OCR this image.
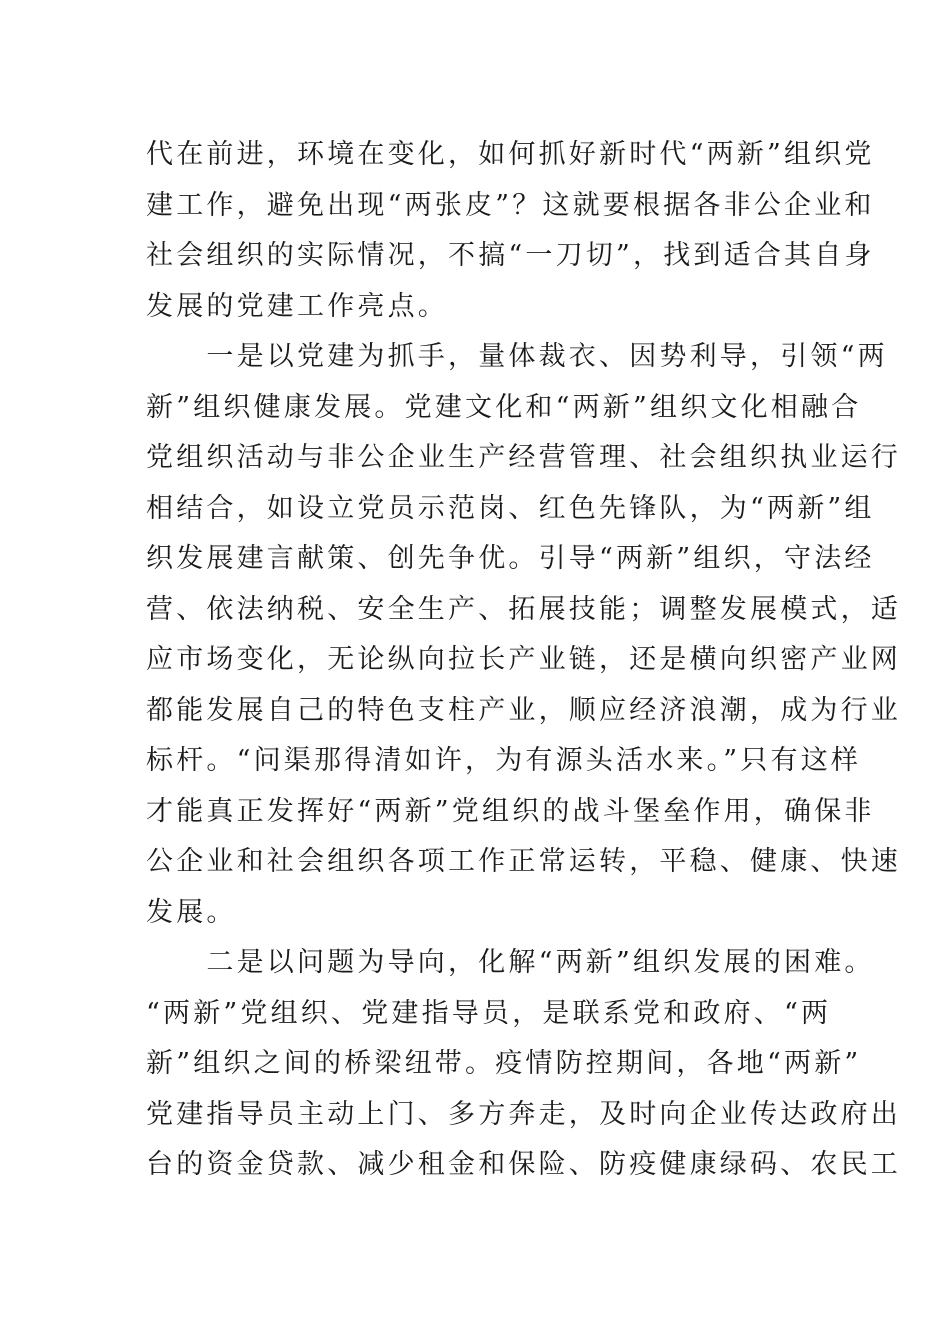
代在前进，环境在变化，如何抓好新时代“两新”组织党
建工作，避免出现“两张皮”？这就要根据各非公企业和
社会组织的实际情况，不搞“一刀切”，找到适合其自身
发展的党建工作亮点。
　　一是以党建为抓手，量体裁衣、因势利导，引领“两
新”组织健康发展。党建文化和“两新”组织文化相融合
党组织活动与非公企业生产经营管理、社会组织执业运行
相结合，如设立党员示范岗、红色先锋队，为“两新”组
织发展建言献策、创先争优。引导“两新”组织，守法经
营、依法纳税、安全生产、拓展技能；调整发展模式，适
应市场变化，无论纵向拉长产业链，还是横向织密产业网
都能发展自己的特色支柱产业，顺应经济浪潮，成为行业
标杆。“问渠那得清如许，为有源头活水来。”只有这样
才能真正发挥好“两新”党组织的战斗堡垒作用，确保非
公企业和社会组织各项工作正常运转，平稳、健康、快速
发展。
　　二是以问题为导向，化解“两新”组织发展的困难。
“两新”党组织、党建指导员，是联系党和政府、“两
新”组织之间的桥梁纽带。疫情防控期间，各地“两新”
党建指导员主动上门、多方奔走，及时向企业传达政府出
台的资金贷款、减少租金和保险、防疫健康绿码、农民工
